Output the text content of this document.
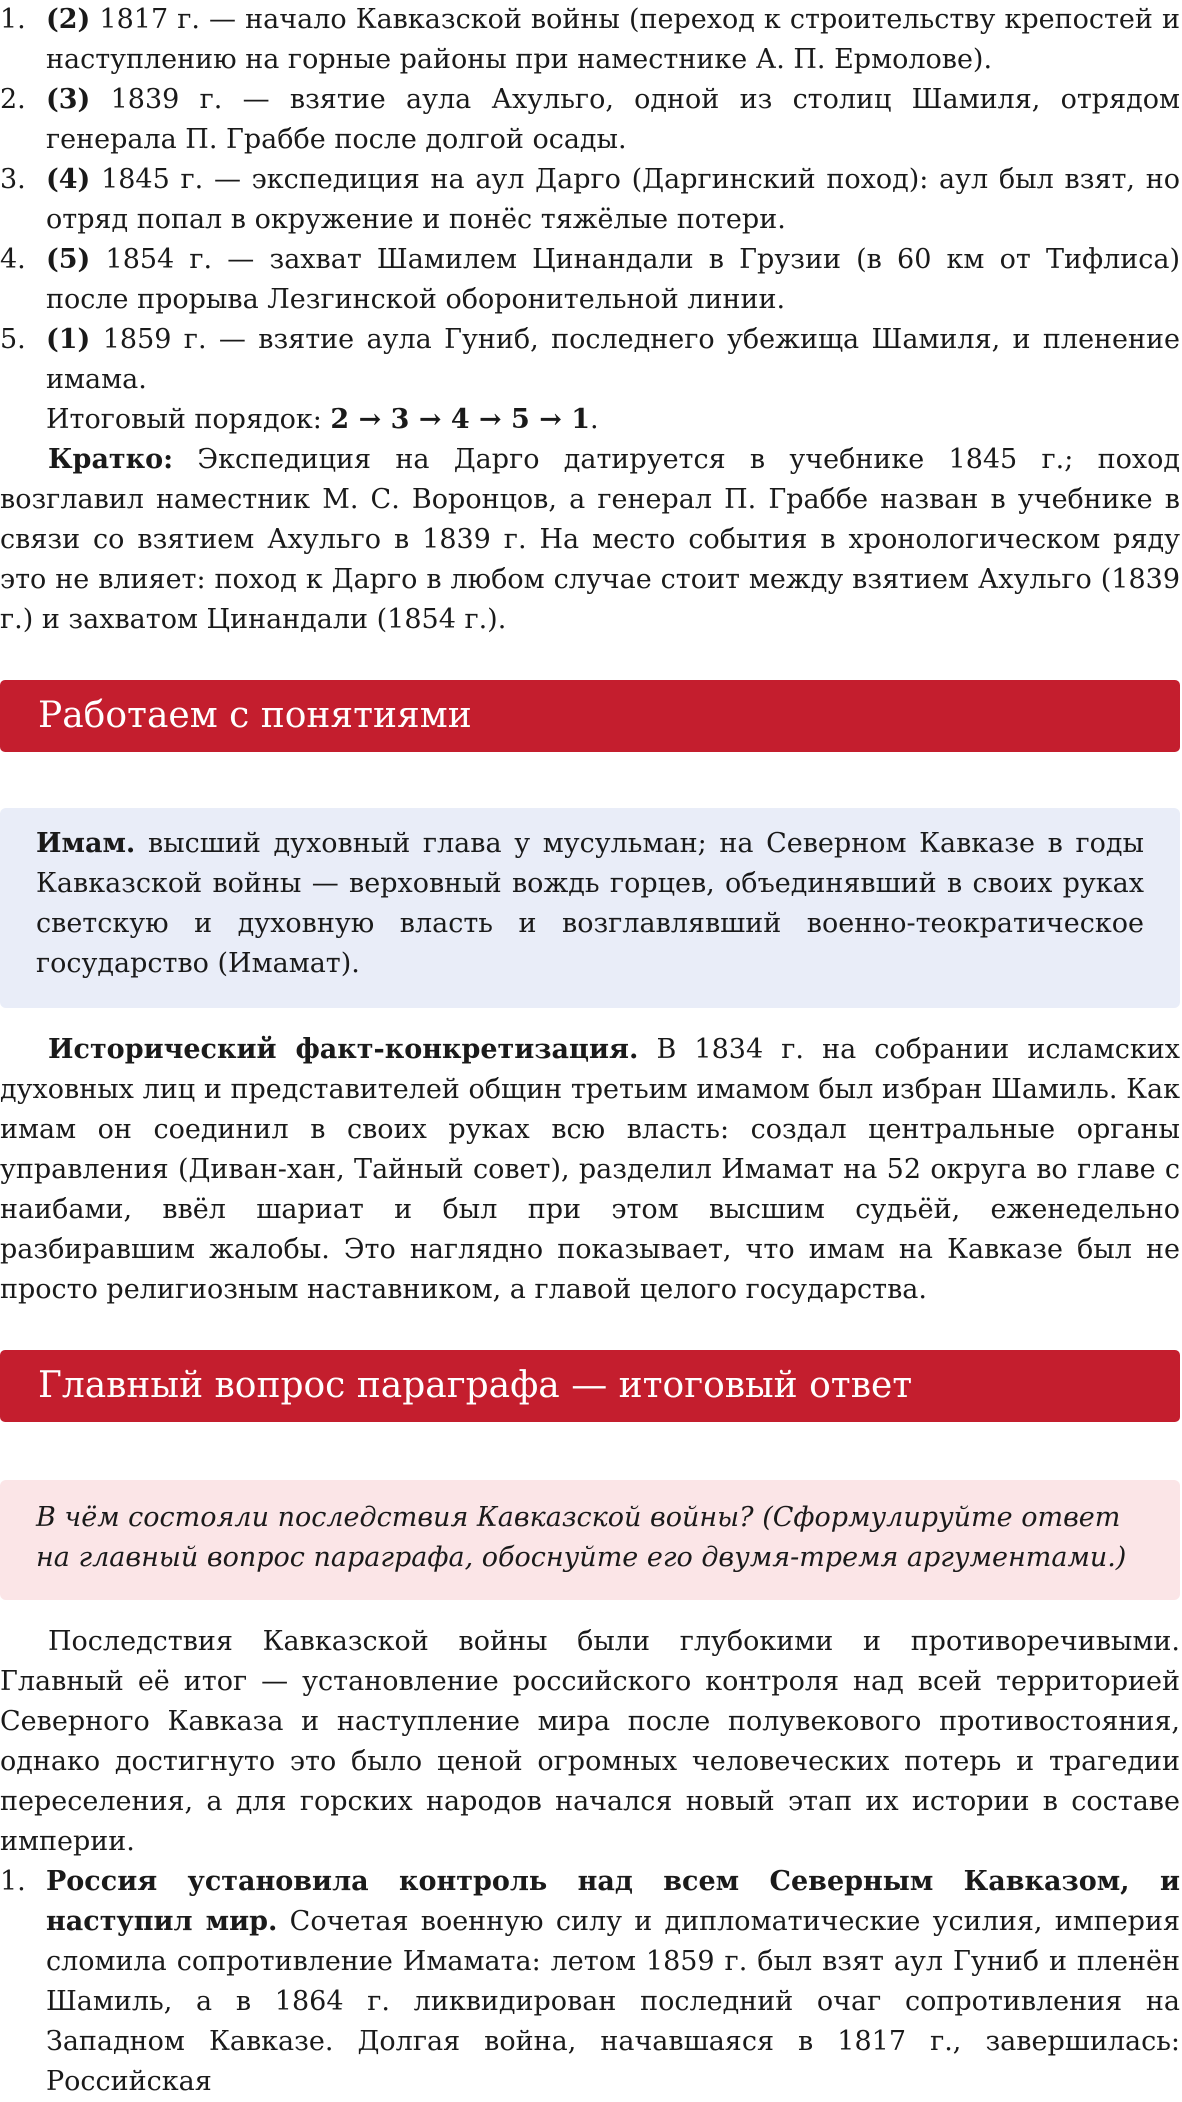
1. (2) 1817 г. — начало Кавказской войны (переход к строительству крепостей и наступлению на горные районы при наместнике А. П. Ермолове).
2. (3) 1839 г. — взятие аула Ахульго, одной из столиц Шамиля, отрядом генерала П. Граббе после долгой осады.
3. (4) 1845 г. — экспедиция на аул Дарго (Даргинский поход): аул был взят, но отряд попал в окружение и понёс тяжёлые потери.
4. (5) 1854 г. — захват Шамилем Цинандали в Грузии (в 60 км от Тифлиса) после прорыва Лезгинской оборонительной линии.
5. (1) 1859 г. — взятие аула Гуниб, последнего убежища Шамиля, и пленение имама.

Итоговый порядок: 2 → 3 → 4 → 5 → 1.

Кратко: Экспедиция на Дарго датируется в учебнике 1845 г.; поход возглавил наместник М. С. Воронцов, а генерал П. Граббе назван в учебнике в связи со взятием Ахульго в 1839 г. На место события в хронологическом ряду это не влияет: поход к Дарго в любом случае стоит между взятием Ахульго (1839 г.) и захватом Цинандали (1854 г.).

Работаем с понятиями

Имам. высший духовный глава у мусульман; на Северном Кавказе в годы Кавказской войны — верховный вождь горцев, объединявший в своих руках светскую и духовную власть и возглавлявший военно-теократическое государство (Имамат).

Исторический факт-конкретизация. В 1834 г. на собрании исламских духовных лиц и представителей общин третьим имамом был избран Шамиль. Как имам он соединил в своих руках всю власть: создал центральные органы управления (Диван-хан, Тайный совет), разделил Имамат на 52 округа во главе с наибами, ввёл шариат и был при этом высшим судьёй, еженедельно разбиравшим жалобы. Это наглядно показывает, что имам на Кавказе был не просто религиозным наставником, а главой целого государства.

Главный вопрос параграфа — итоговый ответ

В чём состояли последствия Кавказской войны? (Сформулируйте ответ на главный вопрос параграфа, обоснуйте его двумя-тремя аргументами.)

Последствия Кавказской войны были глубокими и противоречивыми. Главный её итог — установление российского контроля над всей территорией Северного Кавказа и наступление мира после полувекового противостояния, однако достигнуто это было ценой огромных человеческих потерь и трагедии переселения, а для горских народов начался новый этап их истории в составе империи.

1. Россия установила контроль над всем Северным Кавказом, и наступил мир. Сочетая военную силу и дипломатические усилия, империя сломила сопротивление Имамата: летом 1859 г. был взят аул Гуниб и пленён Шамиль, а в 1864 г. ликвидирован последний очаг сопротивления на Западном Кавказе. Долгая война, начавшаяся в 1817 г., завершилась: Российская
